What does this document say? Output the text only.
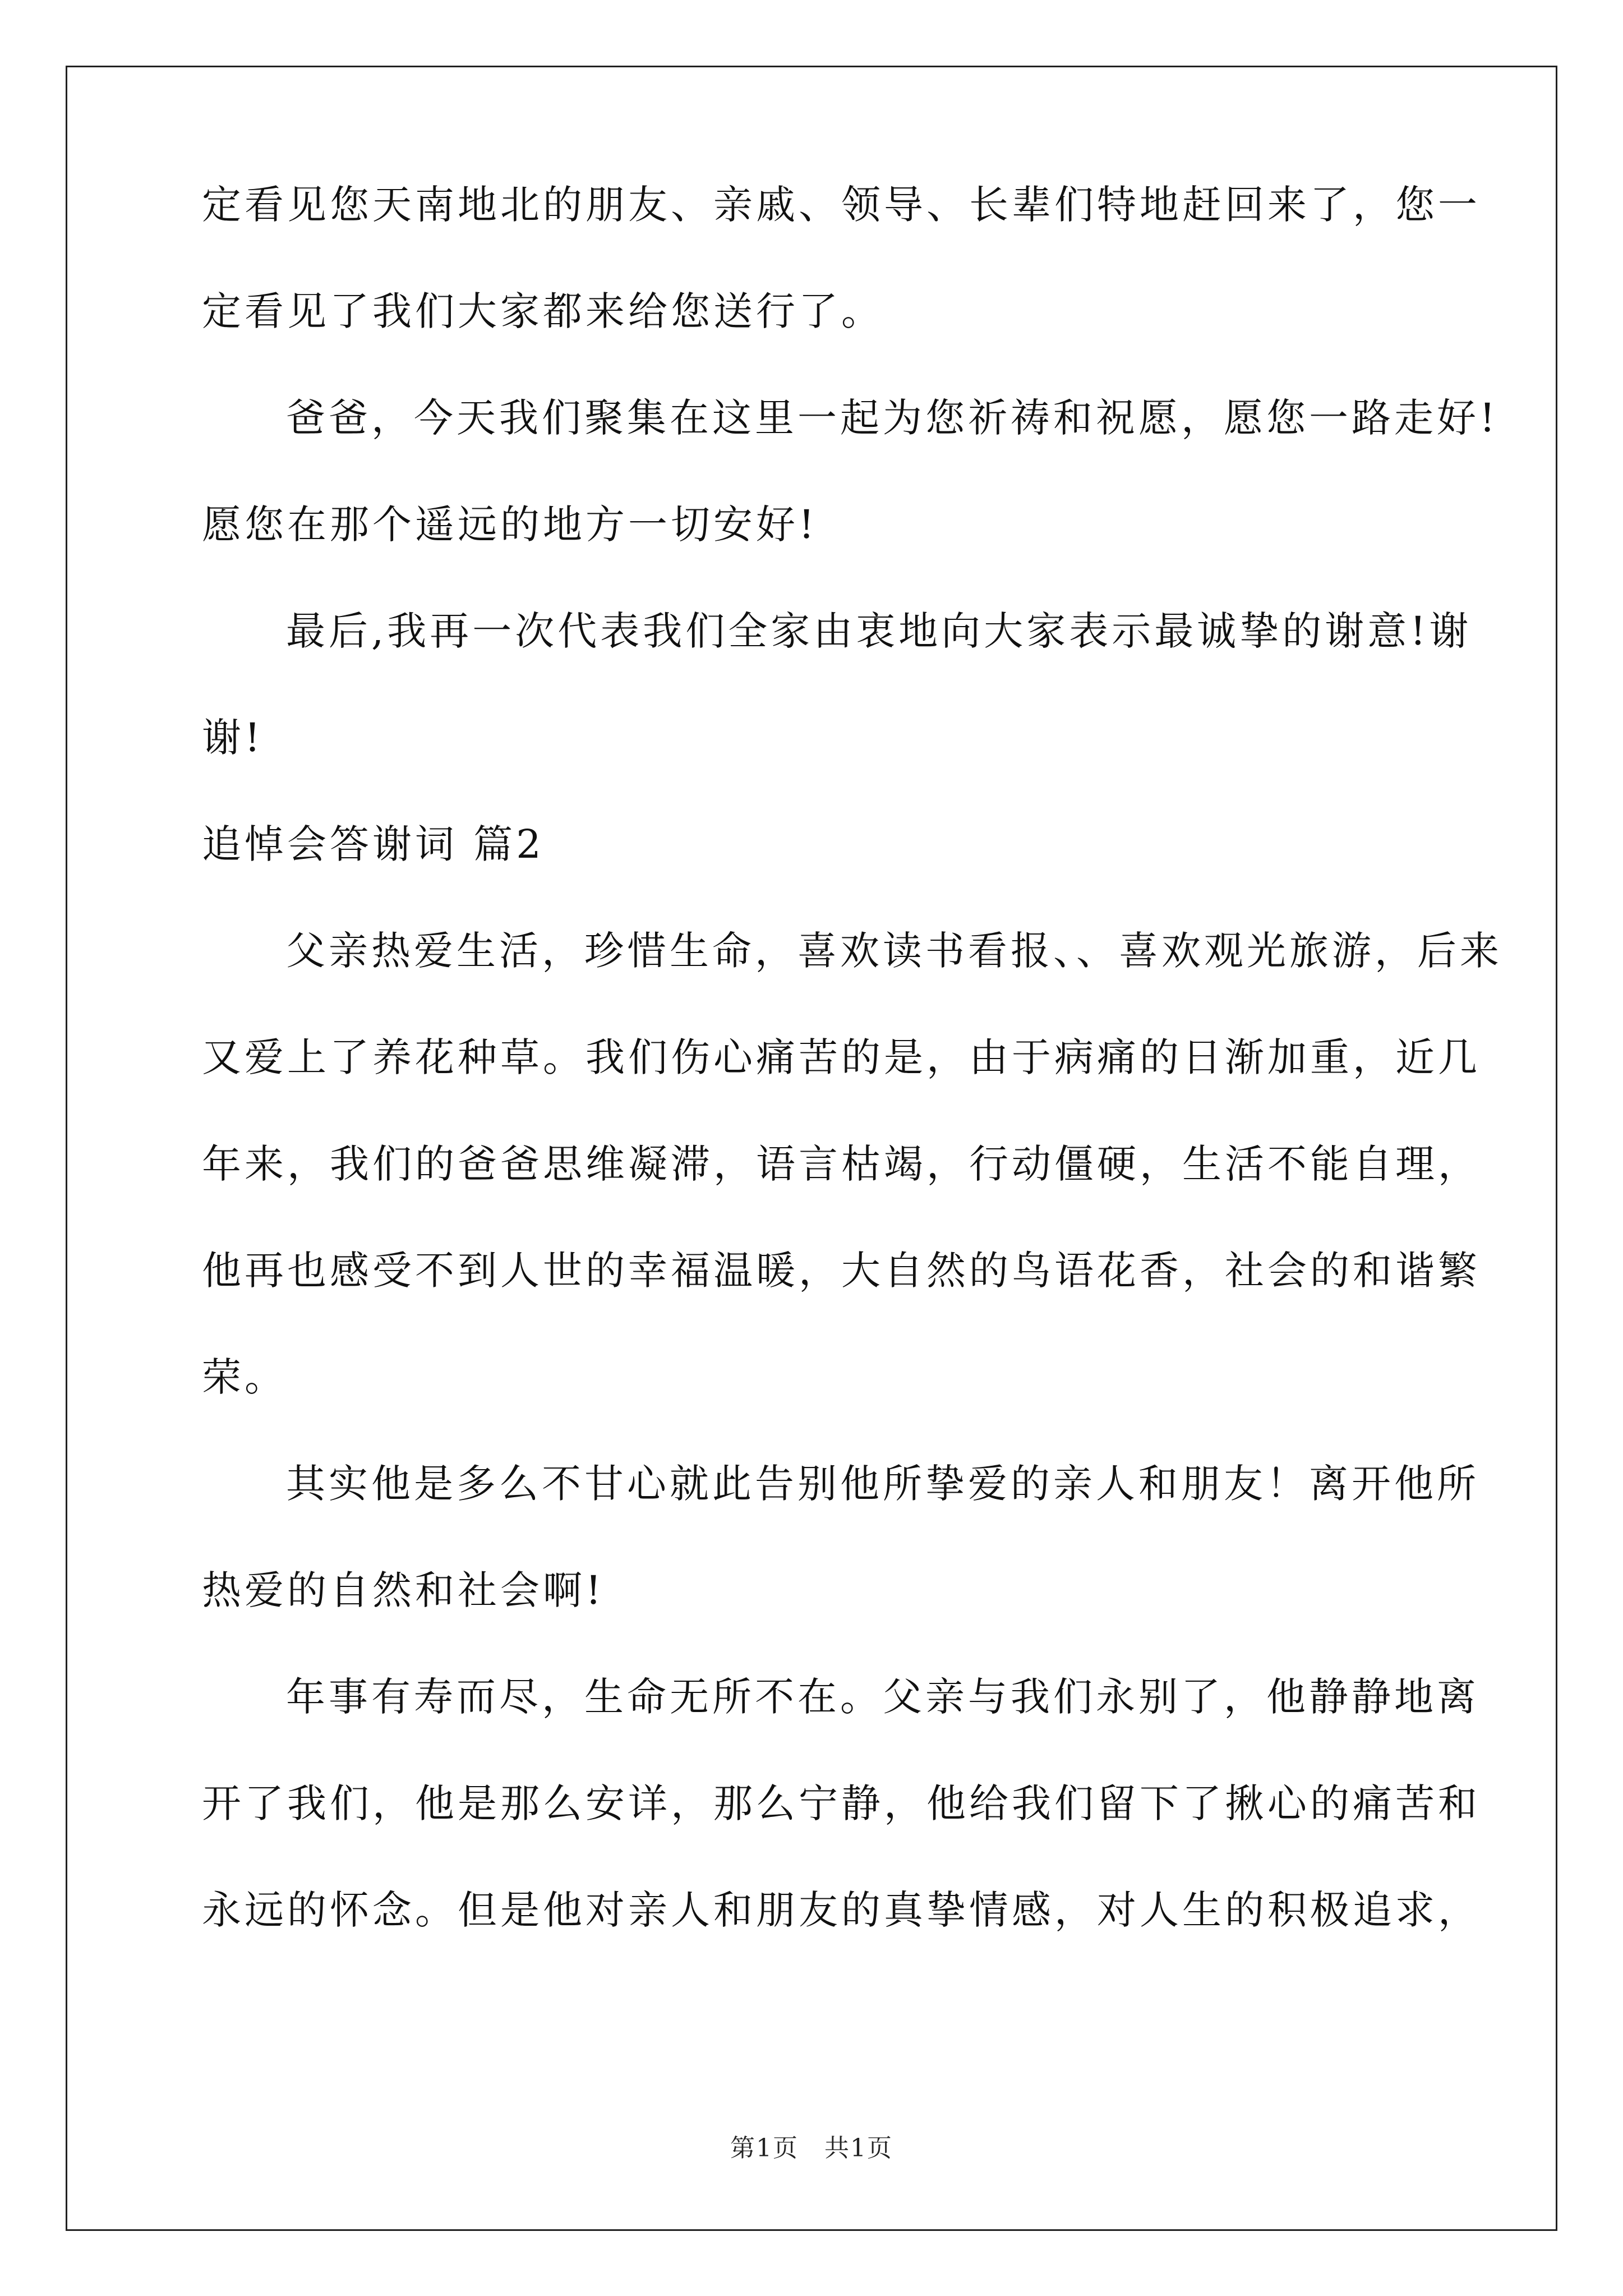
定看见您天南地北的朋友、亲戚、领导、长辈们特地赶回来了，您一
定看见了我们大家都来给您送行了。
爸爸，今天我们聚集在这里一起为您祈祷和祝愿，愿您一路走好!
愿您在那个遥远的地方一切安好!
最后,我再一次代表我们全家由衷地向大家表示最诚挚的谢意!谢
谢!
追悼会答谢词 篇2
父亲热爱生活，珍惜生命，喜欢读书看报、、喜欢观光旅游，后来
又爱上了养花种草。我们伤心痛苦的是，由于病痛的日渐加重，近几
年来，我们的爸爸思维凝滞，语言枯竭，行动僵硬，生活不能自理，
他再也感受不到人世的幸福温暖，大自然的鸟语花香，社会的和谐繁
荣。
其实他是多么不甘心就此告别他所挚爱的亲人和朋友！离开他所
热爱的自然和社会啊!
年事有寿而尽，生命无所不在。父亲与我们永别了，他静静地离
开了我们，他是那么安详，那么宁静，他给我们留下了揪心的痛苦和
永远的怀念。但是他对亲人和朋友的真挚情感，对人生的积极追求，
第1页　共1页
